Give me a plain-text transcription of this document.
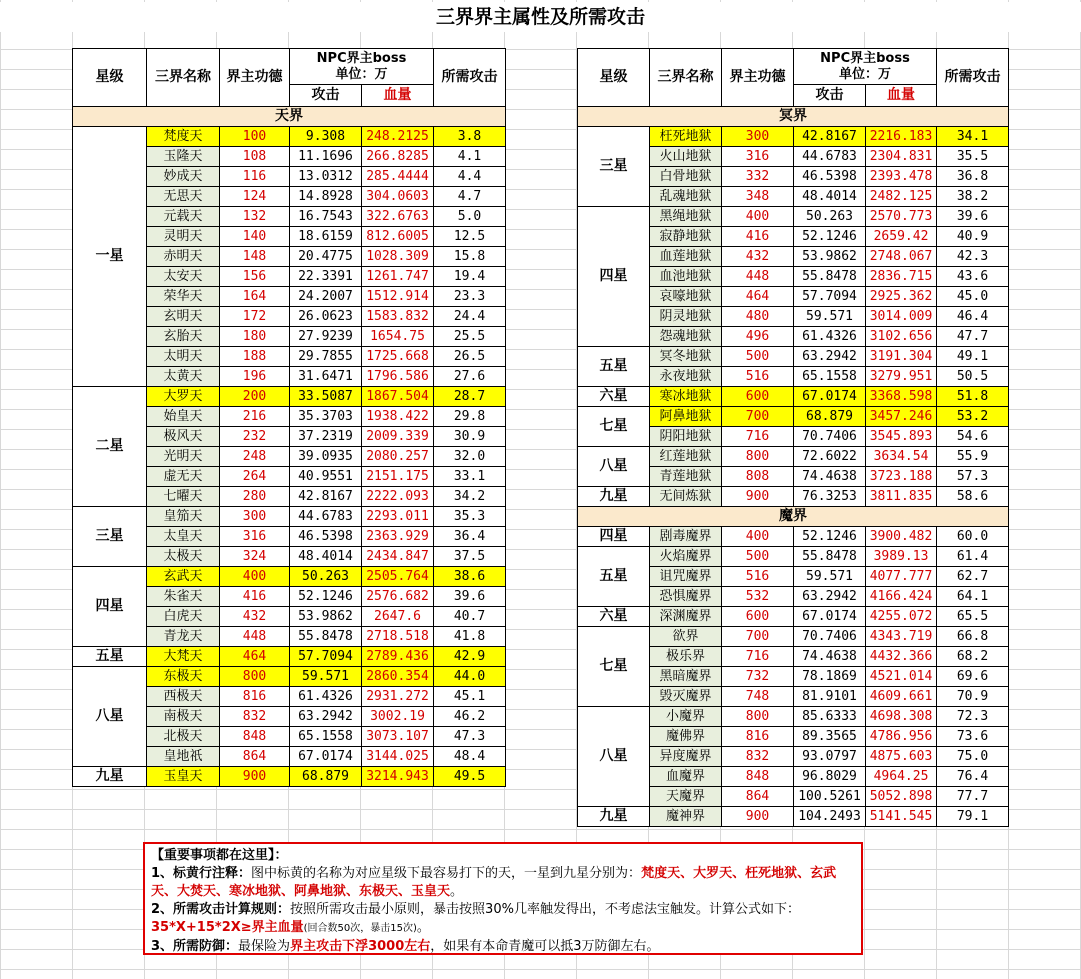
三界界主属性及所需攻击
星级	三界名称	界主功德	NPC界主boss
单位：万		所需攻击

			攻击	血量	
天界					
一星	梵度天	100	9.308	248.2125	3.8
	玉隆天	108	11.1696	266.8285	4.1
	妙成天	116	13.0312	285.4444	4.4
	无思天	124	14.8928	304.0603	4.7
	元载天	132	16.7543	322.6763	5.0
	灵明天	140	18.6159	812.6005	12.5
	赤明天	148	20.4775	1028.309	15.8
	太安天	156	22.3391	1261.747	19.4
	荣华天	164	24.2007	1512.914	23.3
	玄明天	172	26.0623	1583.832	24.4
	玄胎天	180	27.9239	1654.75	25.5
	太明天	188	29.7855	1725.668	26.5
	太黄天	196	31.6471	1796.586	27.6
二星	大罗天	200	33.5087	1867.504	28.7
	始皇天	216	35.3703	1938.422	29.8
	极风天	232	37.2319	2009.339	30.9
	光明天	248	39.0935	2080.257	32.0
	虚无天	264	40.9551	2151.175	33.1
	七曜天	280	42.8167	2222.093	34.2
三星	皇笳天	300	44.6783	2293.011	35.3
	太皇天	316	46.5398	2363.929	36.4
	太极天	324	48.4014	2434.847	37.5
四星	玄武天	400	50.263	2505.764	38.6
	朱雀天	416	52.1246	2576.682	39.6
	白虎天	432	53.9862	2647.6	40.7
	青龙天	448	55.8478	2718.518	41.8
五星	大梵天	464	57.7094	2789.436	42.9
八星	东极天	800	59.571	2860.354	44.0
	西极天	816	61.4326	2931.272	45.1
	南极天	832	63.2942	3002.19	46.2
	北极天	848	65.1558	3073.107	47.3
	皇地祇	864	67.0174	3144.025	48.4
九星	玉皇天	900	68.879	3214.943	49.5
星级	三界名称	界主功德	NPC界主boss
单位：万		所需攻击

			攻击	血量	
冥界					
三星	枉死地狱	300	42.8167	2216.183	34.1
	火山地狱	316	44.6783	2304.831	35.5
	白骨地狱	332	46.5398	2393.478	36.8
	乱魂地狱	348	48.4014	2482.125	38.2
四星	黑绳地狱	400	50.263	2570.773	39.6
	寂静地狱	416	52.1246	2659.42	40.9
	血莲地狱	432	53.9862	2748.067	42.3
	血池地狱	448	55.8478	2836.715	43.6
	哀嚎地狱	464	57.7094	2925.362	45.0
	阴灵地狱	480	59.571	3014.009	46.4
	怨魂地狱	496	61.4326	3102.656	47.7
五星	冥冬地狱	500	63.2942	3191.304	49.1
	永夜地狱	516	65.1558	3279.951	50.5
六星	寒冰地狱	600	67.0174	3368.598	51.8
七星	阿鼻地狱	700	68.879	3457.246	53.2
	阴阳地狱	716	70.7406	3545.893	54.6
八星	红莲地狱	800	72.6022	3634.54	55.9
	青莲地狱	808	74.4638	3723.188	57.3
九星	无间炼狱	900	76.3253	3811.835	58.6
魔界					
四星	剧毒魔界	400	52.1246	3900.482	60.0
五星	火焰魔界	500	55.8478	3989.13	61.4
	诅咒魔界	516	59.571	4077.777	62.7
	恐惧魔界	532	63.2942	4166.424	64.1
六星	深渊魔界	600	67.0174	4255.072	65.5
七星	欲界	700	70.7406	4343.719	66.8
	极乐界	716	74.4638	4432.366	68.2
	黑暗魔界	732	78.1869	4521.014	69.6
	毁灭魔界	748	81.9101	4609.661	70.9
八星	小魔界	800	85.6333	4698.308	72.3
	魔佛界	816	89.3565	4786.956	73.6
	异度魔界	832	93.0797	4875.603	75.0
	血魔界	848	96.8029	4964.25	76.4
	天魔界	864	100.5261	5052.898	77.7
九星	魔神界	900	104.2493	5141.545	79.1
【重要事项都在这里】：
1、标黄行注释：图中标黄的名称为对应星级下最容易打下的天，一星到九星分别为：梵度天、大罗天、枉死地狱、玄武天、大焚天、寒冰地狱、阿鼻地狱、东极天、玉皇天。
2、所需攻击计算规则：按照所需攻击最小原则，暴击按照30%几率触发得出，不考虑法宝触发。计算公式如下：35*X+15*2X≥界主血量(回合数50次，暴击15次)。
3、所需防御：最保险为界主攻击下浮3000左右，如果有本命青魔可以抵3万防御左右。
